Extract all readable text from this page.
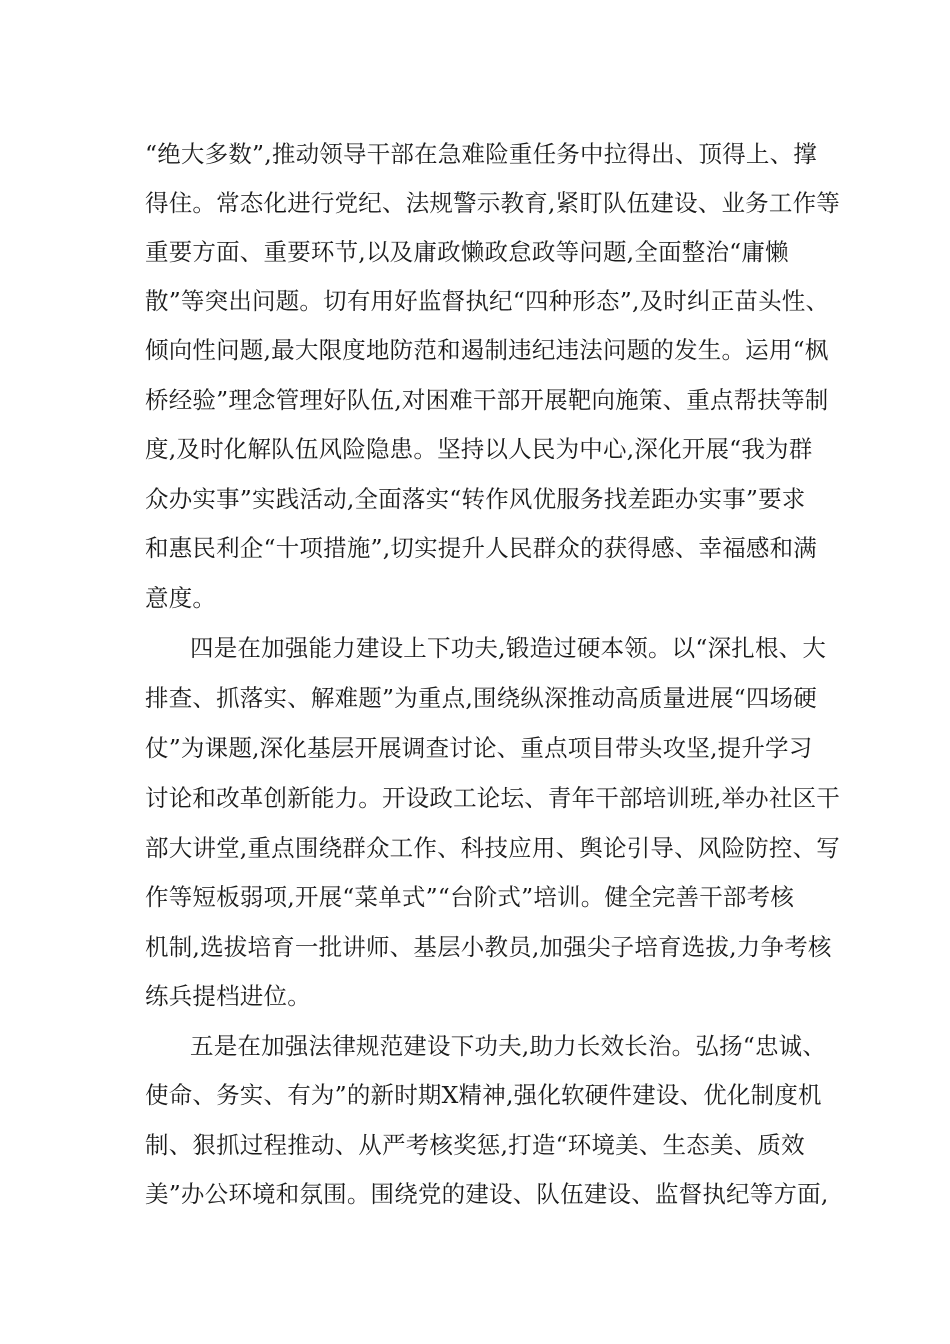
“绝大多数”,推动领导干部在急难险重任务中拉得出、顶得上、撑
得住。常态化进行党纪、法规警示教育,紧盯队伍建设、业务工作等
重要方面、重要环节,以及庸政懒政怠政等问题,全面整治“庸懒
散”等突出问题。切有用好监督执纪“四种形态”,及时纠正苗头性、
倾向性问题,最大限度地防范和遏制违纪违法问题的发生。运用“枫
桥经验”理念管理好队伍,对困难干部开展靶向施策、重点帮扶等制
度,及时化解队伍风险隐患。坚持以人民为中心,深化开展“我为群
众办实事”实践活动,全面落实“转作风优服务找差距办实事”要求
和惠民利企“十项措施”,切实提升人民群众的获得感、幸福感和满
意度。
四是在加强能力建设上下功夫,锻造过硬本领。以“深扎根、大
排查、抓落实、解难题”为重点,围绕纵深推动高质量进展“四场硬
仗”为课题,深化基层开展调查讨论、重点项目带头攻坚,提升学习
讨论和改革创新能力。开设政工论坛、青年干部培训班,举办社区干
部大讲堂,重点围绕群众工作、科技应用、舆论引导、风险防控、写
作等短板弱项,开展“菜单式”“台阶式”培训。健全完善干部考核
机制,选拔培育一批讲师、基层小教员,加强尖子培育选拔,力争考核
练兵提档进位。
五是在加强法律规范建设下功夫,助力长效长治。弘扬“忠诚、
使命、务实、有为”的新时期X精神,强化软硬件建设、优化制度机
制、狠抓过程推动、从严考核奖惩,打造“环境美、生态美、质效
美”办公环境和氛围。围绕党的建设、队伍建设、监督执纪等方面,
